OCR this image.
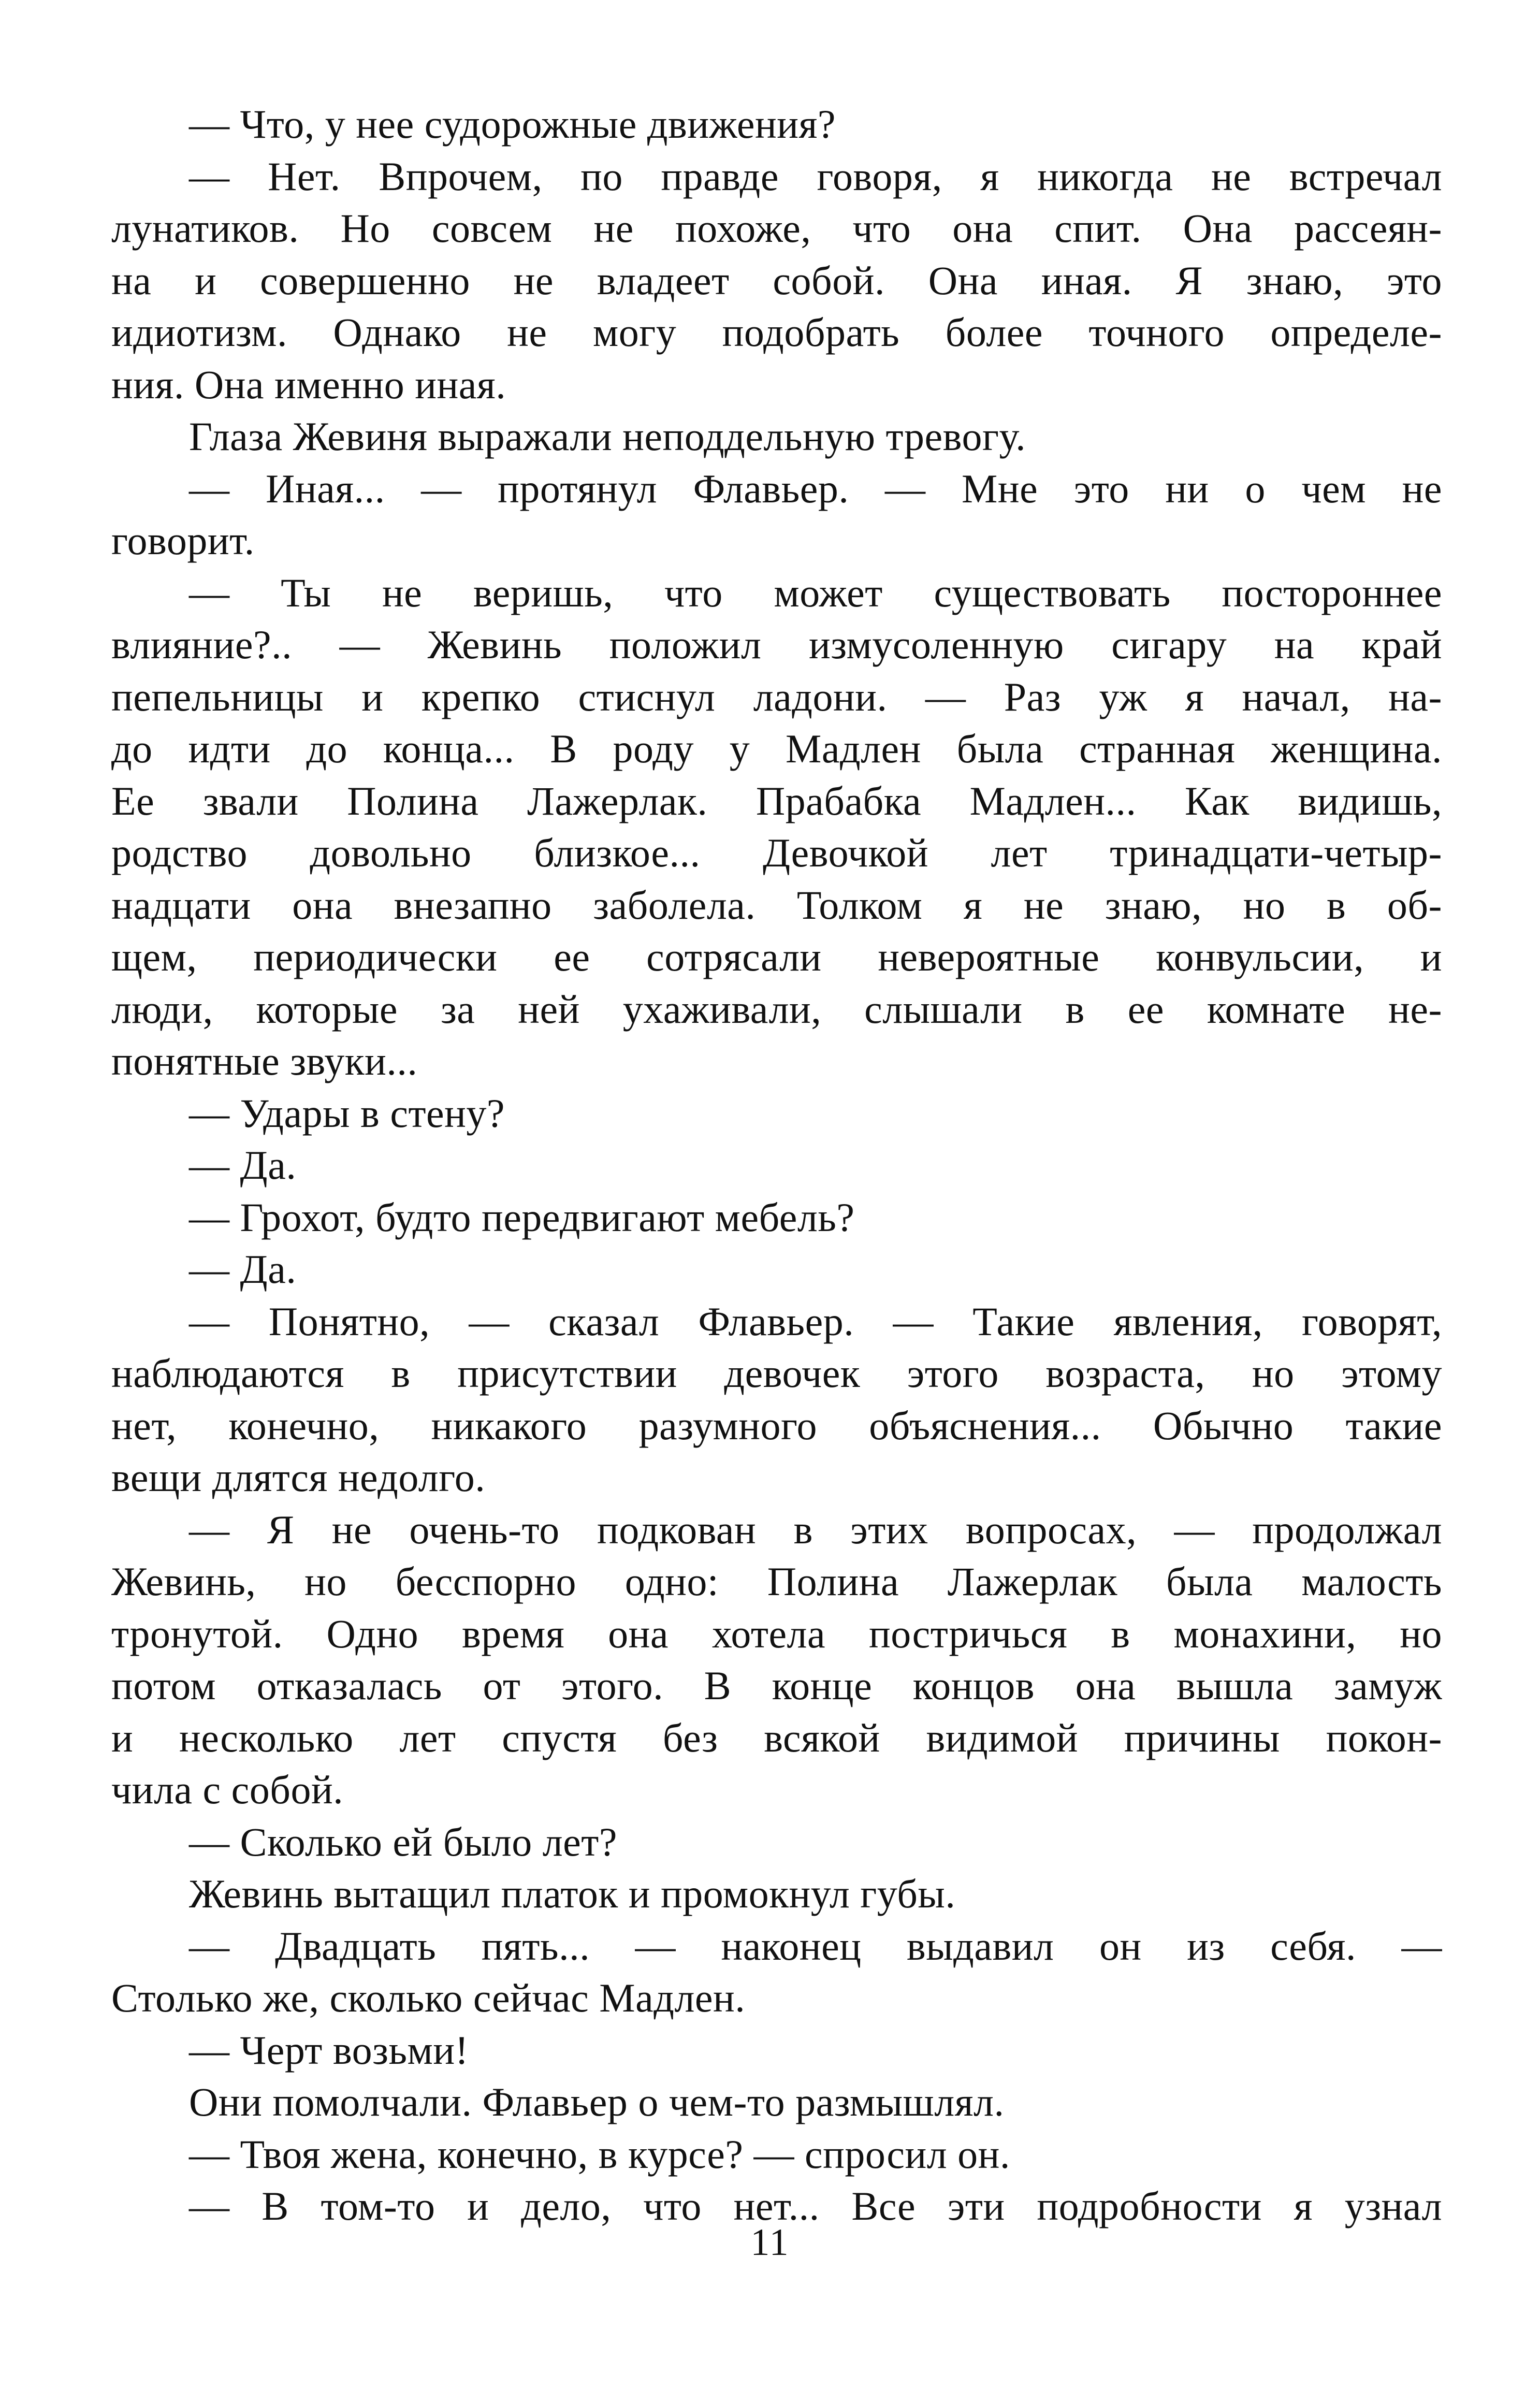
— Что, у нее судорожные движения?
— Нет. Впрочем, по правде говоря, я никогда не встречал
лунатиков. Но совсем не похоже, что она спит. Она рассеян-
на и совершенно не владеет собой. Она иная. Я знаю, это
идиотизм. Однако не могу подобрать более точного определе-
ния. Она именно иная.
Глаза Жевиня выражали неподдельную тревогу.
— Иная... — протянул Флавьер. — Мне это ни о чем не
говорит.
— Ты не веришь, что может существовать постороннее
влияние?.. — Жевинь положил измусоленную сигару на край
пепельницы и крепко стиснул ладони. — Раз уж я начал, на-
до идти до конца... В роду у Мадлен была странная женщина.
Ее звали Полина Лажерлак. Прабабка Мадлен... Как видишь,
родство довольно близкое... Девочкой лет тринадцати-четыр-
надцати она внезапно заболела. Толком я не знаю, но в об-
щем, периодически ее сотрясали невероятные конвульсии, и
люди, которые за ней ухаживали, слышали в ее комнате не-
понятные звуки...
— Удары в стену?
— Да.
— Грохот, будто передвигают мебель?
— Да.
— Понятно, — сказал Флавьер. — Такие явления, говорят,
наблюдаются в присутствии девочек этого возраста, но этому
нет, конечно, никакого разумного объяснения... Обычно такие
вещи длятся недолго.
— Я не очень-то подкован в этих вопросах, — продолжал
Жевинь, но бесспорно одно: Полина Лажерлак была малость
тронутой. Одно время она хотела постричься в монахини, но
потом отказалась от этого. В конце концов она вышла замуж
и несколько лет спустя без всякой видимой причины покон-
чила с собой.
— Сколько ей было лет?
Жевинь вытащил платок и промокнул губы.
— Двадцать пять... — наконец выдавил он из себя. —
Столько же, сколько сейчас Мадлен.
— Черт возьми!
Они помолчали. Флавьер о чем-то размышлял.
— Твоя жена, конечно, в курсе? — спросил он.
— В том-то и дело, что нет... Все эти подробности я узнал
11
